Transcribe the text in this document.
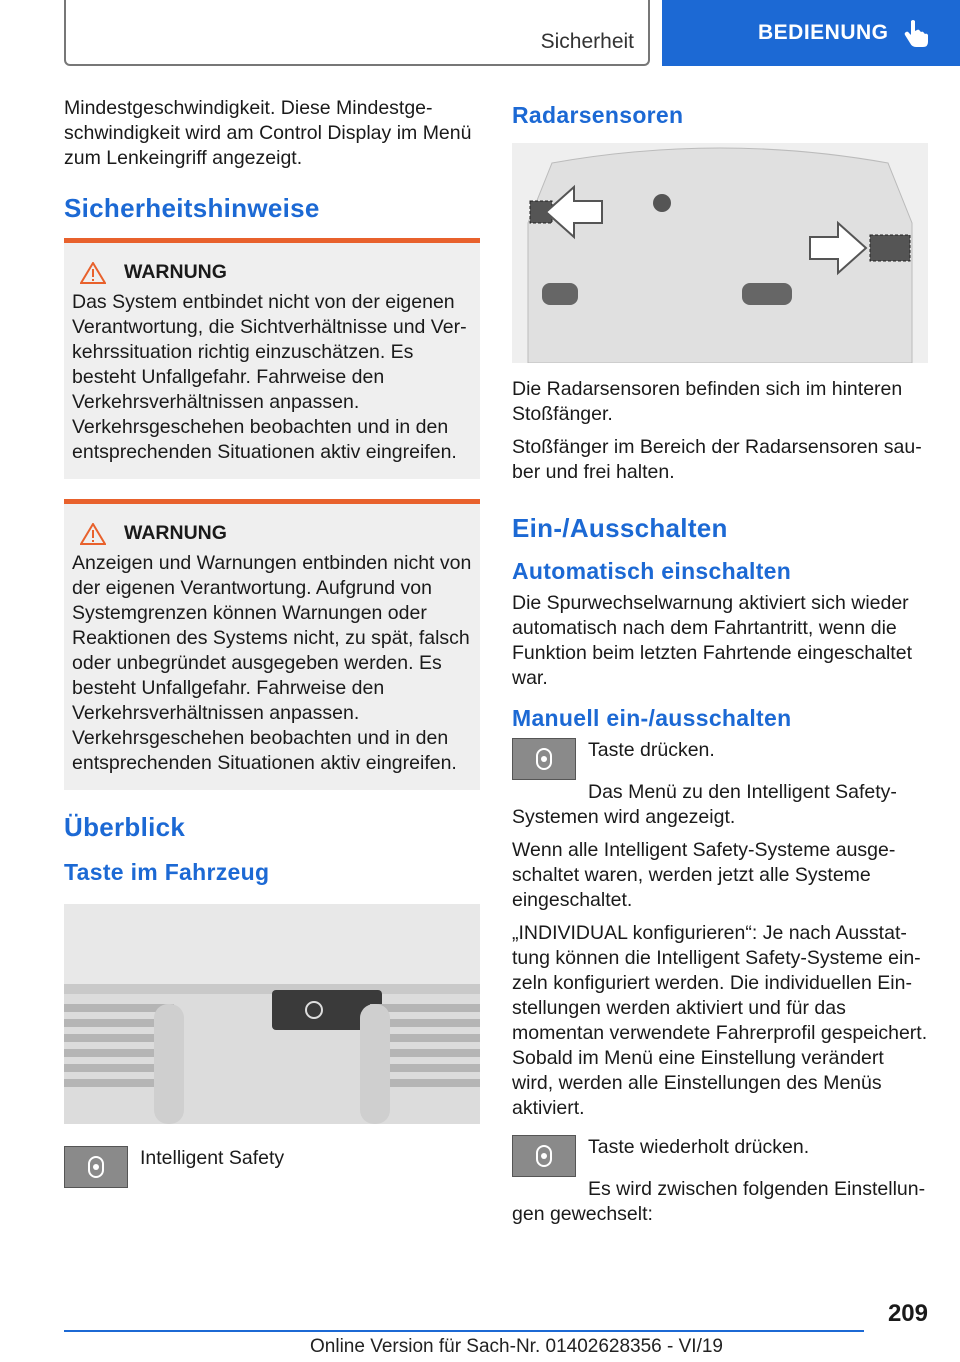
Sicherheit	BEDIENUNG

Mindestgeschwindigkeit. Diese Mindestgeschwindigkeit wird am Control Display im Menü zum Lenkeingriff angezeigt.

Sicherheitshinweise
WARNUNG

Das System entbindet nicht von der eigenen Verantwortung, die Sichtverhältnisse und Verkehrssituation richtig einzuschätzen. Es besteht Unfallgefahr. Fahrweise den Verkehrsverhältnissen anpassen. Verkehrsgeschehen beobachten und in den entsprechenden Situationen aktiv eingreifen.

WARNUNG

Anzeigen und Warnungen entbinden nicht von der eigenen Verantwortung. Aufgrund von Systemgrenzen können Warnungen oder Reaktionen des Systems nicht, zu spät, falsch oder unbegründet ausgegeben werden. Es besteht Unfallgefahr. Fahrweise den Verkehrsverhältnissen anpassen. Verkehrsgeschehen beobachten und in den entsprechenden Situationen aktiv eingreifen.

Überblick
Taste im Fahrzeug
Intelligent Safety
Radarsensoren

Die Radarsensoren befinden sich im hinteren Stoßfänger.

Stoßfänger im Bereich der Radarsensoren sauber und frei halten.

Ein-/Ausschalten
Automatisch einschalten

Die Spurwechselwarnung aktiviert sich wieder automatisch nach dem Fahrtantritt, wenn die Funktion beim letzten Fahrtende eingeschaltet war.

Manuell ein-/ausschalten

Taste drücken.

Das Menü zu den Intelligent Safety-Systemen wird angezeigt.

Wenn alle Intelligent Safety-Systeme ausgeschaltet waren, werden jetzt alle Systeme eingeschaltet.

„INDIVIDUAL konfigurieren“: Je nach Ausstattung können die Intelligent Safety-Systeme einzeln konfiguriert werden. Die individuellen Einstellungen werden aktiviert und für das momentan verwendete Fahrerprofil gespeichert. Sobald im Menü eine Einstellung verändert wird, werden alle Einstellungen des Menüs aktiviert.

Taste wiederholt drücken.

Es wird zwischen folgenden Einstellungen gewechselt:

209
Online Version für Sach-Nr. 01402628356 - VI/19
